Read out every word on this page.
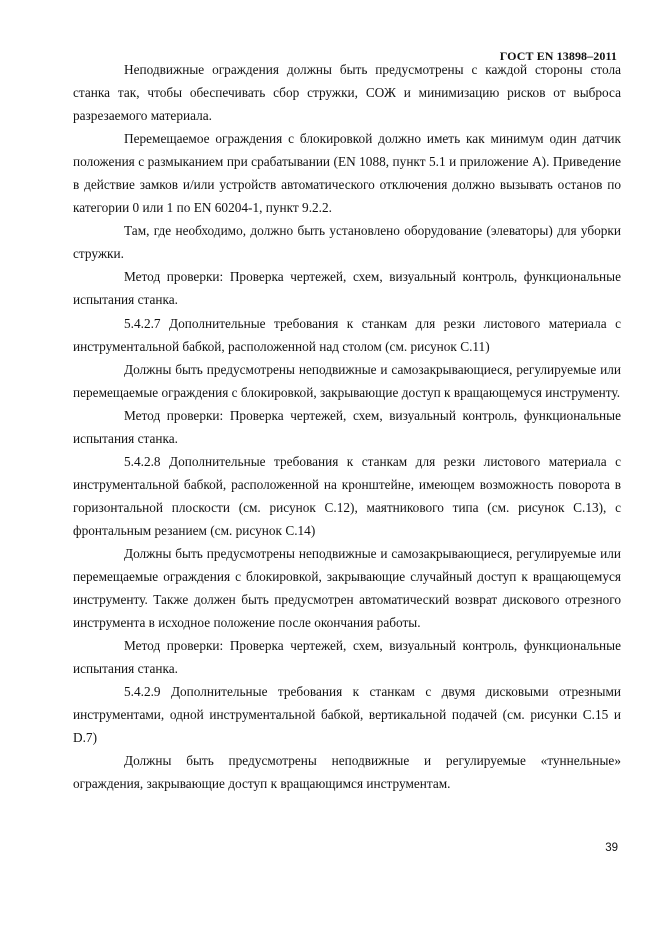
ГОСТ EN 13898–2011

Неподвижные ограждения должны быть предусмотрены с каждой стороны стола станка так, чтобы обеспечивать сбор стружки, СОЖ и минимизацию рисков от выброса разрезаемого материала.

Перемещаемое ограждения с блокировкой должно иметь как минимум один датчик положения с размыканием при срабатывании (EN 1088, пункт 5.1 и приложение А). Приведение в действие замков и/или устройств автоматического отключения должно вызывать останов по категории 0 или 1 по EN 60204-1, пункт 9.2.2.

Там, где необходимо, должно быть установлено оборудование (элеваторы) для уборки стружки.

Метод проверки: Проверка чертежей, схем, визуальный контроль, функциональные испытания станка.

5.4.2.7 Дополнительные требования к станкам для резки листового материала с инструментальной бабкой, расположенной над столом (см. рисунок С.11)

Должны быть предусмотрены неподвижные и самозакрывающиеся, регулируемые или перемещаемые ограждения с блокировкой, закрывающие доступ к вращающемуся инструменту.

Метод проверки: Проверка чертежей, схем, визуальный контроль, функциональные испытания станка.

5.4.2.8 Дополнительные требования к станкам для резки листового материала с инструментальной бабкой, расположенной на кронштейне, имеющем возможность поворота в горизонтальной плоскости (см. рисунок С.12), маятникового типа (см. рисунок С.13), с фронтальным резанием (см. рисунок С.14)

Должны быть предусмотрены неподвижные и самозакрывающиеся, регулируемые или перемещаемые ограждения с блокировкой, закрывающие случайный доступ к вращающемуся инструменту. Также должен быть предусмотрен автоматический возврат дискового отрезного инструмента в исходное положение после окончания работы.

Метод проверки: Проверка чертежей, схем, визуальный контроль, функциональные испытания станка.

5.4.2.9 Дополнительные требования к станкам с двумя дисковыми отрезными инструментами, одной инструментальной бабкой, вертикальной подачей (см. рисунки С.15 и D.7)

Должны быть предусмотрены неподвижные и регулируемые «туннельные» ограждения, закрывающие доступ к вращающимся инструментам.

39
